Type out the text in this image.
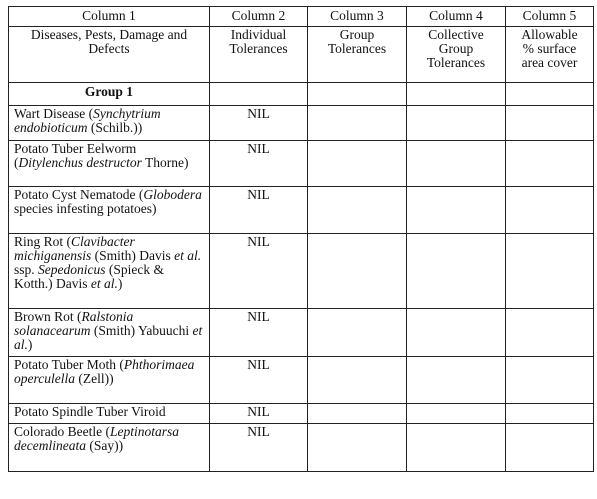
Column 1	Column 2	Column 3	Column 4	Column 5

Diseases, Pests, Damage and Defects	Individual Tolerances	Group Tolerances	Collective Group Tolerances	Allowable % surface area cover

Group 1				
Wart Disease (Synchytrium endobioticum (Schilb.))	NIL			
Potato Tuber Eelworm (Ditylenchus destructor Thorne)	NIL			
Potato Cyst Nematode (Globodera species infesting potatoes)	NIL			
Ring Rot (Clavibacter michiganensis (Smith) Davis et al. ssp. Sepedonicus (Spieck & Kotth.) Davis et al.)	NIL			
Brown Rot (Ralstonia solanacearum (Smith) Yabuuchi et al.)	NIL			
Potato Tuber Moth (Phthorimaea operculella (Zell))	NIL			
Potato Spindle Tuber Viroid	NIL			
Colorado Beetle (Leptinotarsa decemlineata (Say))	NIL			
